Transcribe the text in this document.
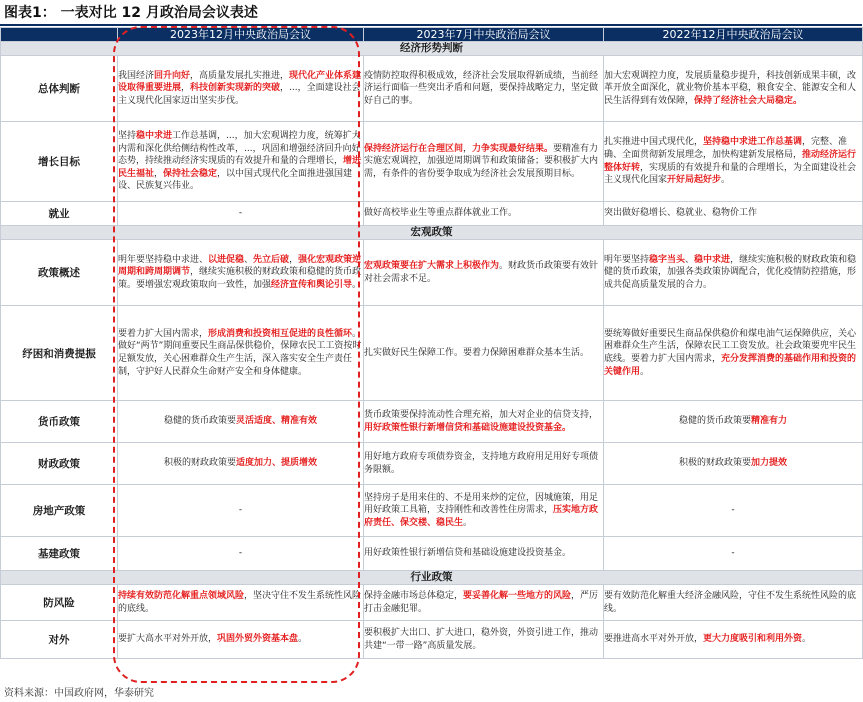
图表1： 一表对比 12 月政治局会议表述
	2023年12月中央政治局会议	2023年7月中央政治局会议	2022年12月中央政治局会议
经济形势判断			
总体判断	我国经济回升向好，高质量发展扎实推进，现代化产业体系建设取得重要进展，科技创新实现新的突破，...，全面建设社会主义现代化国家迈出坚实步伐。	疫情防控取得积极成效，经济社会发展取得新成绩，当前经济运行面临一些突出矛盾和问题，要保持战略定力，坚定做好自己的事。	加大宏观调控力度，发展质量稳步提升，科技创新成果丰硕，改革开放全面深化，就业物价基本平稳，粮食安全、能源安全和人民生活得到有效保障，保持了经济社会大局稳定。
增长目标	坚持稳中求进工作总基调，...，加大宏观调控力度，统筹扩大内需和深化供给侧结构性改革，...，巩固和增强经济回升向好态势，持续推动经济实现质的有效提升和量的合理增长，增进民生福祉，保持社会稳定，以中国式现代化全面推进强国建设、民族复兴伟业。	保持经济运行在合理区间，力争实现最好结果。要精准有力实施宏观调控，加强逆周期调节和政策储备；要积极扩大内需，有条件的省份要争取成为经济社会发展预期目标。	扎实推进中国式现代化，坚持稳中求进工作总基调，完整、准确、全面贯彻新发展理念，加快构建新发展格局，推动经济运行整体好转，实现质的有效提升和量的合理增长，为全面建设社会主义现代化国家开好局起好步。
就业	-	做好高校毕业生等重点群体就业工作。	突出做好稳增长、稳就业、稳物价工作
宏观政策			
政策概述	明年要坚持稳中求进、以进促稳、先立后破，强化宏观政策逆周期和跨周期调节，继续实施积极的财政政策和稳健的货币政策。要增强宏观政策取向一致性，加强经济宣传和舆论引导。	宏观政策要在扩大需求上积极作为。财政货币政策要有效针对社会需求不足。	明年要坚持稳字当头、稳中求进，继续实施积极的财政政策和稳健的货币政策，加强各类政策协调配合，优化疫情防控措施，形成共促高质量发展的合力。
纾困和消费提振	要着力扩大国内需求，形成消费和投资相互促进的良性循环。做好“两节”期间重要民生商品保供稳价，保障农民工工资按时足额发放，关心困难群众生产生活，深入落实安全生产责任制，守护好人民群众生命财产安全和身体健康。	扎实做好民生保障工作。要着力保障困难群众基本生活。	要统筹做好重要民生商品保供稳价和煤电油气运保障供应，关心困难群众生产生活，保障农民工工资发放。社会政策要兜牢民生底线。要着力扩大国内需求，充分发挥消费的基础作用和投资的关键作用。
货币政策	稳健的货币政策要灵活适度、精准有效	货币政策要保持流动性合理充裕，加大对企业的信贷支持，用好政策性银行新增信贷和基础设施建设投资基金。	稳健的货币政策要精准有力
财政政策	积极的财政政策要适度加力、提质增效	用好地方政府专项债券资金，支持地方政府用足用好专项债务限额。	积极的财政政策要加力提效
房地产政策	-	坚持房子是用来住的、不是用来炒的定位，因城施策，用足用好政策工具箱，支持刚性和改善性住房需求，压实地方政府责任、保交楼、稳民生。	-
基建政策	-	用好政策性银行新增信贷和基础设施建设投资基金。	-
行业政策			
防风险	持续有效防范化解重点领域风险，坚决守住不发生系统性风险的底线。	保持金融市场总体稳定，要妥善化解一些地方的风险，严厉打击金融犯罪。	要有效防范化解重大经济金融风险，守住不发生系统性风险的底线。
对外	要扩大高水平对外开放，巩固外贸外资基本盘。	要积极扩大出口、扩大进口，稳外资，外资引进工作，推动共建“一带一路”高质量发展。	要推进高水平对外开放，更大力度吸引和利用外资。
资料来源：中国政府网，华泰研究
